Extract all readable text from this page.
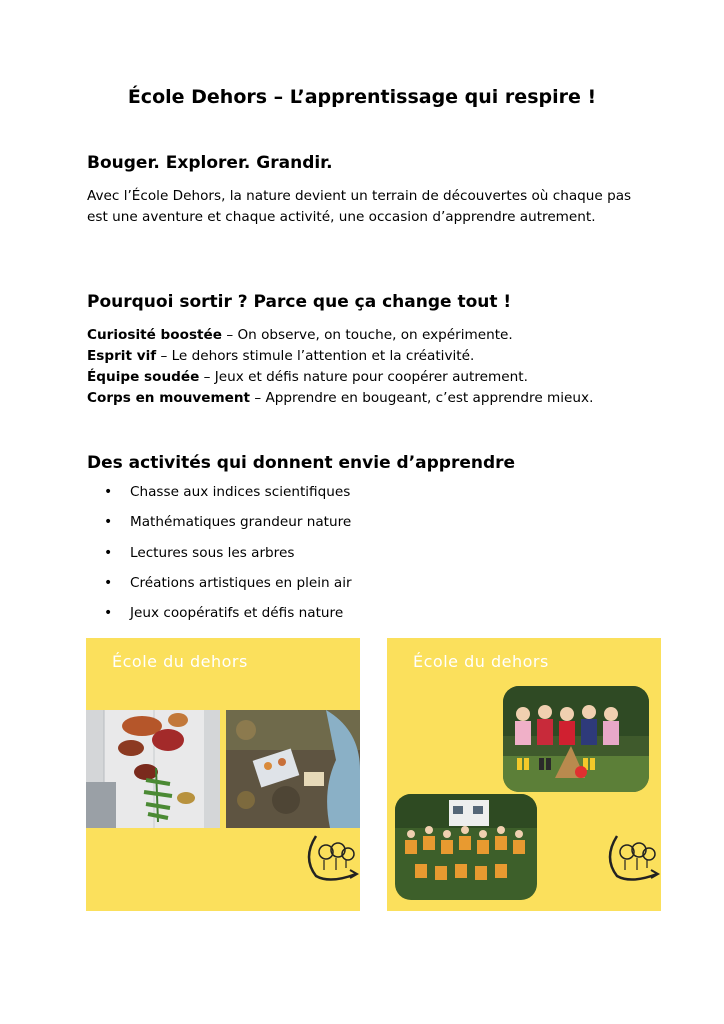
École Dehors – L’apprentissage qui respire !
Bouger. Explorer. Grandir.
Avec l’École Dehors, la nature devient un terrain de découvertes où chaque pas est une aventure et chaque activité, une occasion d’apprendre autrement.
Pourquoi sortir ? Parce que ça change tout !
Curiosité boostée – On observe, on touche, on expérimente.
Esprit vif – Le dehors stimule l’attention et la créativité.
Équipe soudée – Jeux et défis nature pour coopérer autrement.
Corps en mouvement – Apprendre en bougeant, c’est apprendre mieux.
Des activités qui donnent envie d’apprendre
• Chasse aux indices scientifiques
• Mathématiques grandeur nature
• Lectures sous les arbres
• Créations artistiques en plein air
• Jeux coopératifs et défis nature
École du dehors	École du dehors
